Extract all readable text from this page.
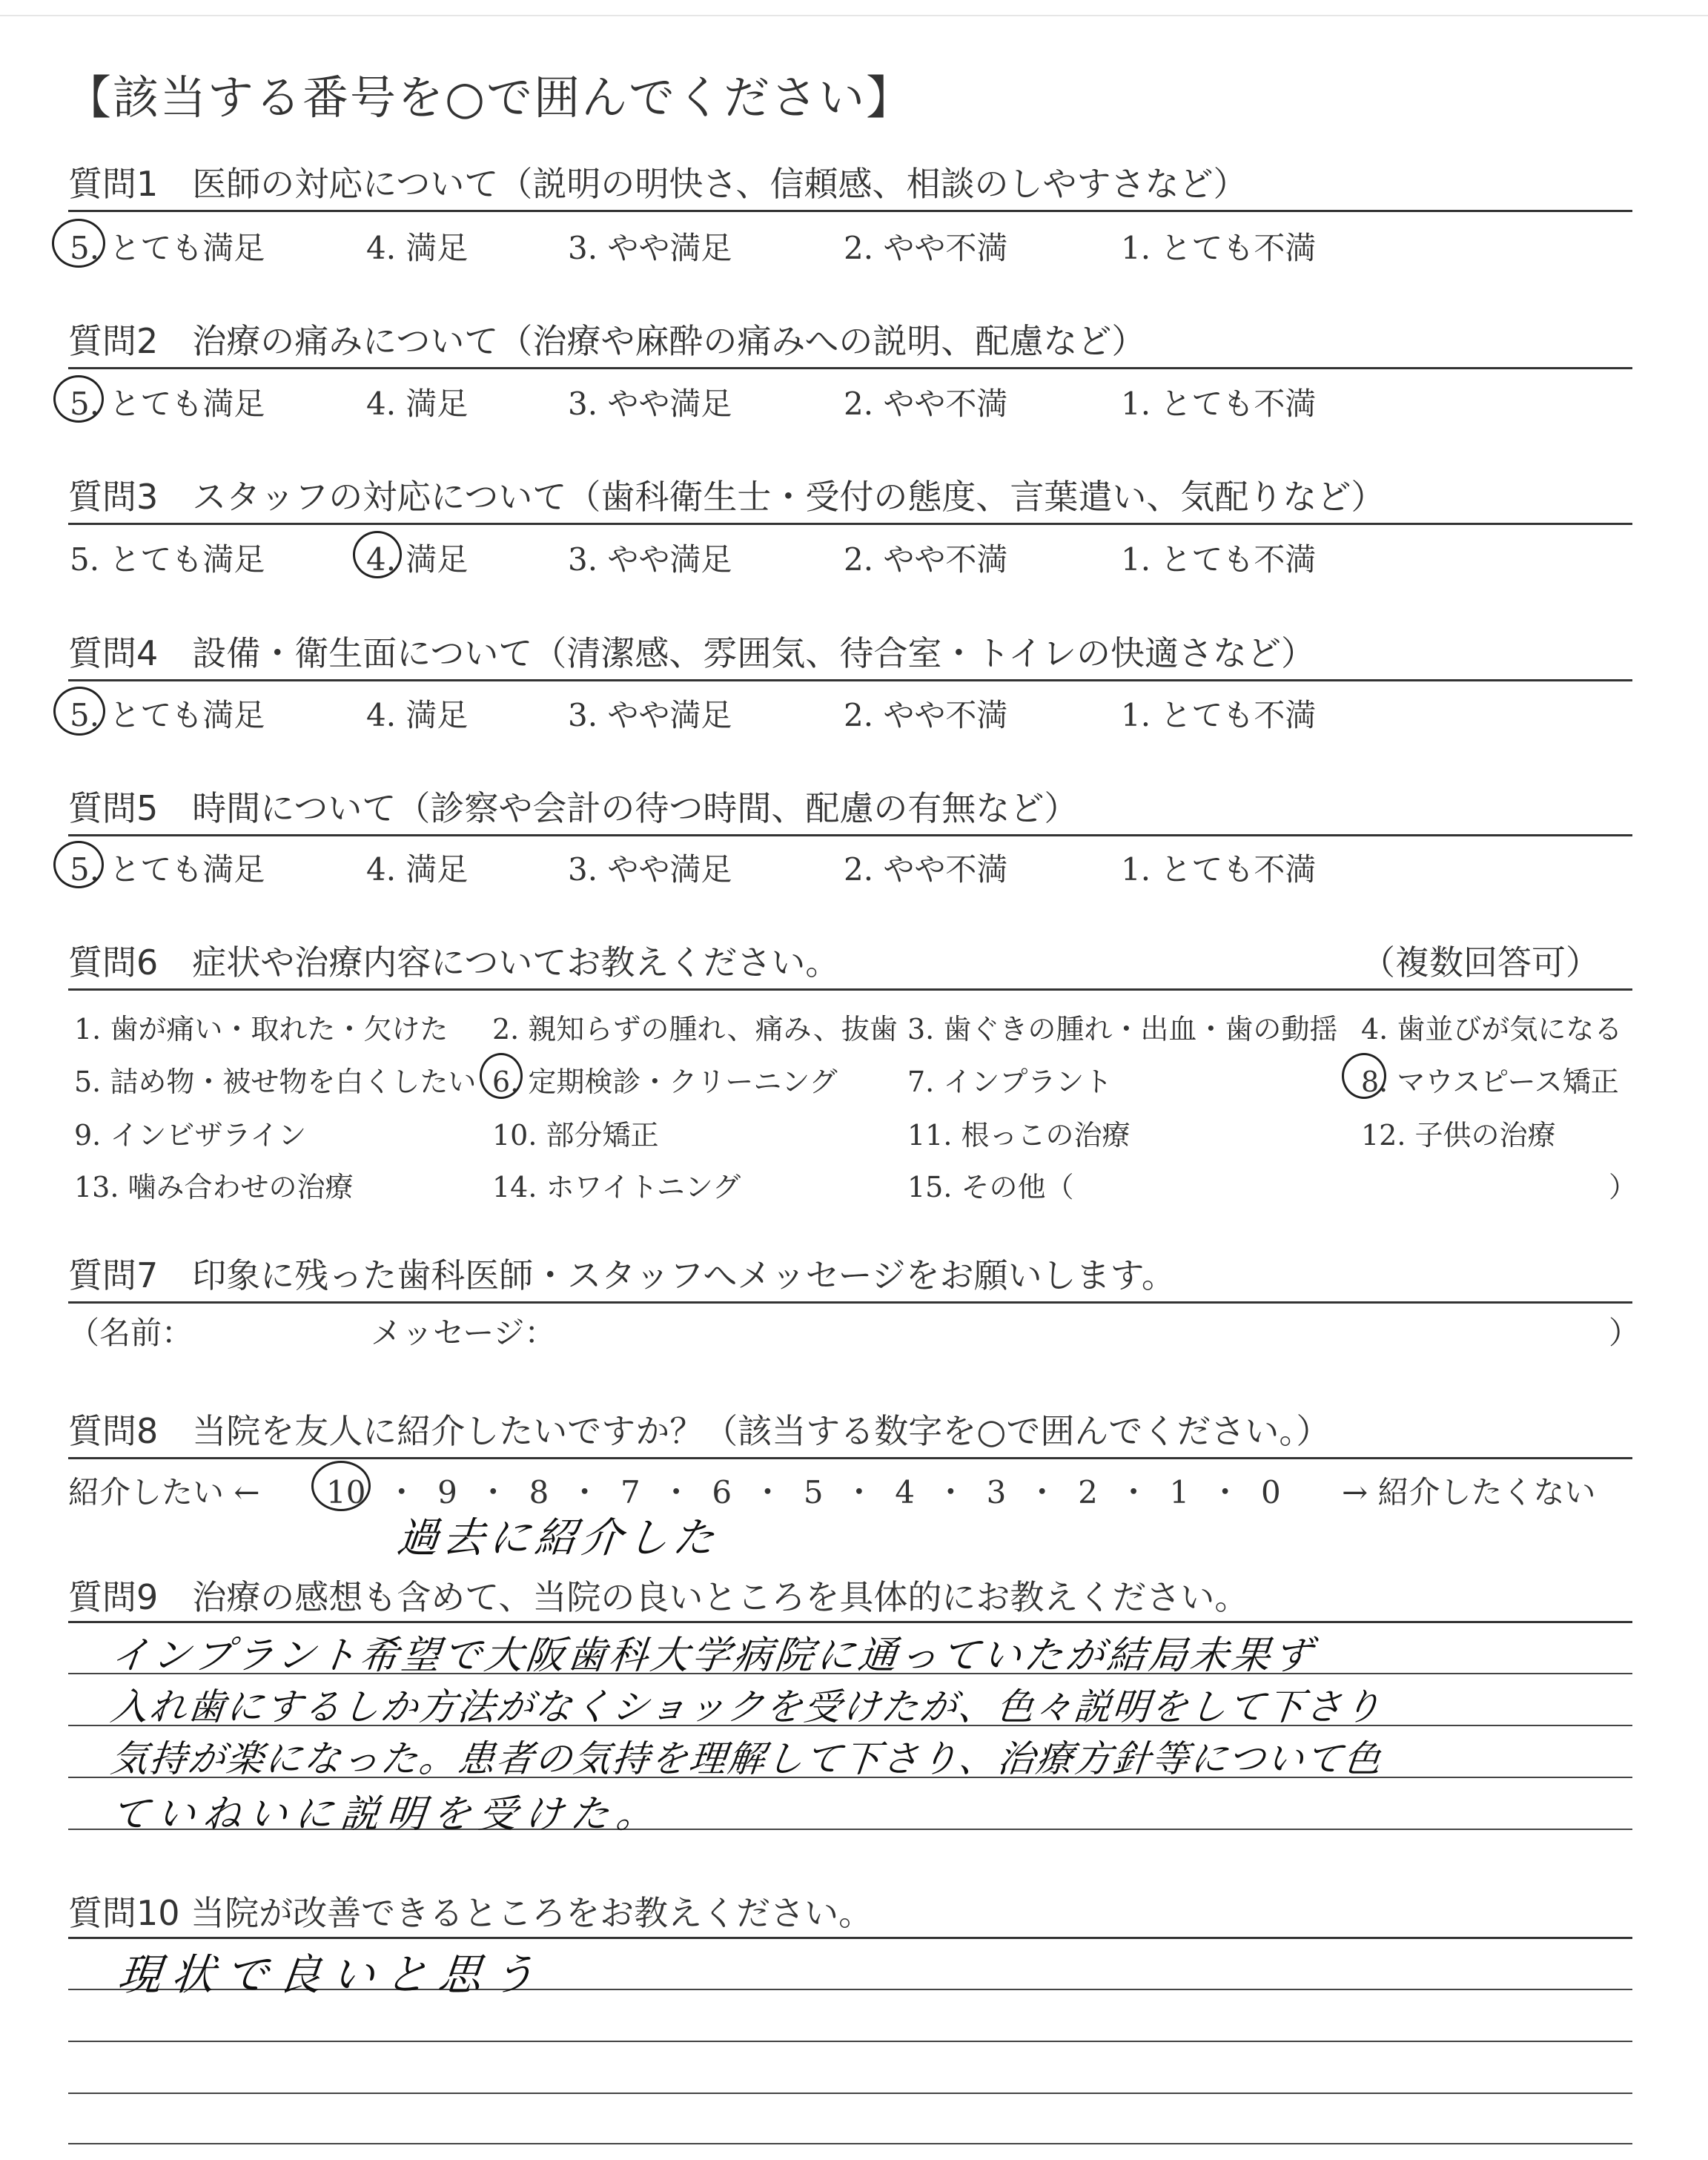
【該当する番号を○で囲んでください】
質問1　医師の対応について（説明の明快さ、信頼感、相談のしやすさなど）
5. とても満足	4. 満足	3. やや満足	2. やや不満	1. とても不満
質問2　治療の痛みについて（治療や麻酔の痛みへの説明、配慮など）
5. とても満足	4. 満足	3. やや満足	2. やや不満	1. とても不満
質問3　スタッフの対応について（歯科衛生士・受付の態度、言葉遣い、気配りなど）
5. とても満足	4. 満足	3. やや満足	2. やや不満	1. とても不満
質問4　設備・衛生面について（清潔感、雰囲気、待合室・トイレの快適さなど）
5. とても満足	4. 満足	3. やや満足	2. やや不満	1. とても不満
質問5　時間について（診察や会計の待つ時間、配慮の有無など）
5. とても満足	4. 満足	3. やや満足	2. やや不満	1. とても不満
質問6　症状や治療内容についてお教えください。	（複数回答可）
1. 歯が痛い・取れた・欠けた 2. 親知らずの腫れ、痛み、抜歯 3. 歯ぐきの腫れ・出血・歯の動揺 4. 歯並びが気になる
5. 詰め物・被せ物を白くしたい 6. 定期検診・クリーニング 7. インプラント	8. マウスピース矯正
9. インビザライン	10. 部分矯正	11. 根っこの治療	12. 子供の治療
13. 噛み合わせの治療	14. ホワイトニング	15. その他（	）
質問7　印象に残った歯科医師・スタッフへメッセージをお願いします。
（名前：	メッセージ：	）
質問8　当院を友人に紹介したいですか？（該当する数字を○で囲んでください。）
紹介したい ← 10 ・ 9 ・ 8 ・ 7 ・ 6 ・ 5 ・ 4 ・ 3 ・ 2 ・ 1 ・ 0 → 紹介したくない
過去に紹介した
質問9　治療の感想も含めて、当院の良いところを具体的にお教えください。
インプラント希望で大阪歯科大学病院に通っていたが結局未果ず
入れ歯にするしか方法がなくショックを受けたが、色々説明をして下さり
気持が楽になった。患者の気持を理解して下さり、治療方針等について色
ていねいに説明を受けた。
質問10 当院が改善できるところをお教えください。
現状で良いと思う
